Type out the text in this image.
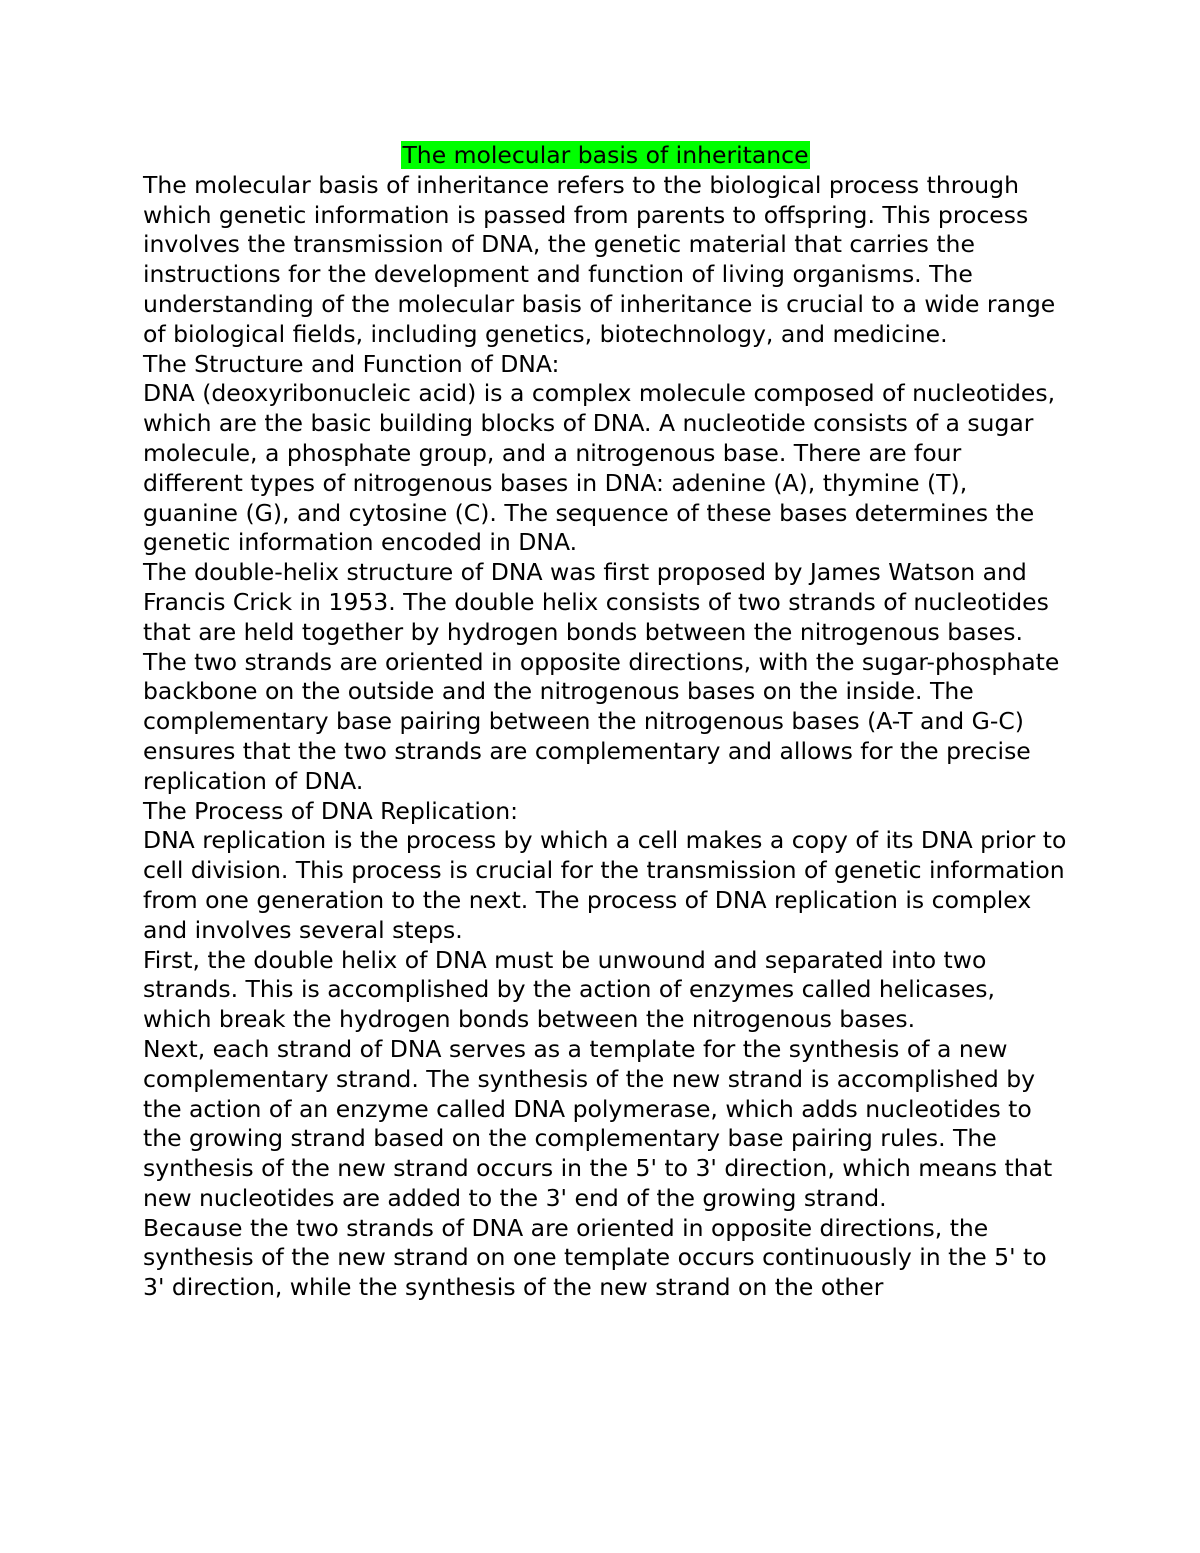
The molecular basis of inheritance

The molecular basis of inheritance refers to the biological process through which genetic information is passed from parents to offspring. This process involves the transmission of DNA, the genetic material that carries the instructions for the development and function of living organisms. The understanding of the molecular basis of inheritance is crucial to a wide range of biological fields, including genetics, biotechnology, and medicine.

The Structure and Function of DNA:

DNA (deoxyribonucleic acid) is a complex molecule composed of nucleotides, which are the basic building blocks of DNA. A nucleotide consists of a sugar molecule, a phosphate group, and a nitrogenous base. There are four different types of nitrogenous bases in DNA: adenine (A), thymine (T), guanine (G), and cytosine (C). The sequence of these bases determines the genetic information encoded in DNA.

The double-helix structure of DNA was first proposed by James Watson and Francis Crick in 1953. The double helix consists of two strands of nucleotides that are held together by hydrogen bonds between the nitrogenous bases. The two strands are oriented in opposite directions, with the sugar-phosphate backbone on the outside and the nitrogenous bases on the inside. The complementary base pairing between the nitrogenous bases (A-T and G-C) ensures that the two strands are complementary and allows for the precise replication of DNA.

The Process of DNA Replication:

DNA replication is the process by which a cell makes a copy of its DNA prior to cell division. This process is crucial for the transmission of genetic information from one generation to the next. The process of DNA replication is complex and involves several steps.

First, the double helix of DNA must be unwound and separated into two strands. This is accomplished by the action of enzymes called helicases, which break the hydrogen bonds between the nitrogenous bases.

Next, each strand of DNA serves as a template for the synthesis of a new complementary strand. The synthesis of the new strand is accomplished by the action of an enzyme called DNA polymerase, which adds nucleotides to the growing strand based on the complementary base pairing rules. The synthesis of the new strand occurs in the 5' to 3' direction, which means that new nucleotides are added to the 3' end of the growing strand.

Because the two strands of DNA are oriented in opposite directions, the synthesis of the new strand on one template occurs continuously in the 5' to 3' direction, while the synthesis of the new strand on the other
